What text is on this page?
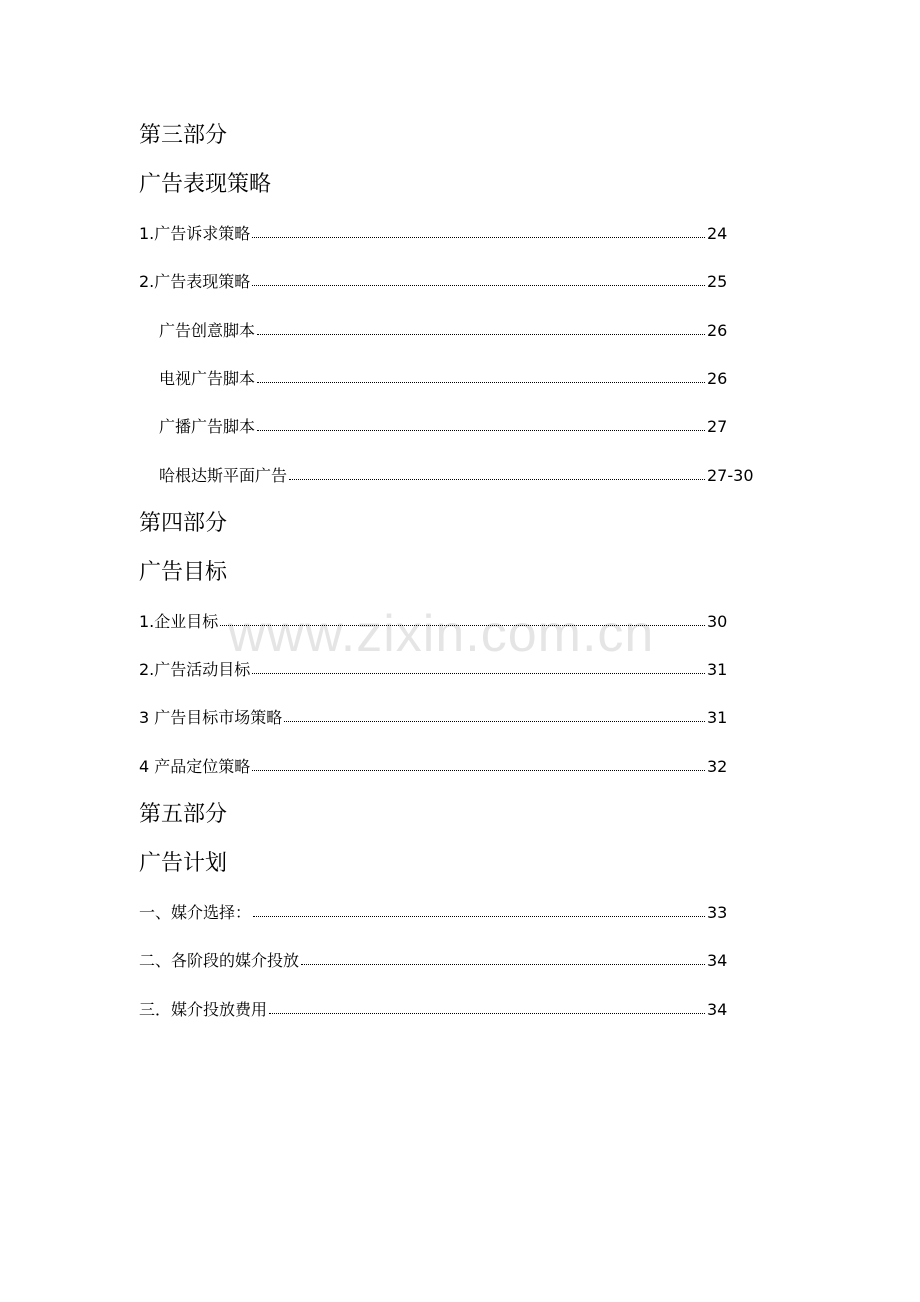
第三部分
广告表现策略
1.广告诉求策略	24
2.广告表现策略	25
广告创意脚本	26
电视广告脚本	26
广播广告脚本	27
哈根达斯平面广告	27-30
第四部分
广告目标
1.企业目标	30
2.广告活动目标	31
3 广告目标市场策略	31
4 产品定位策略	32
第五部分
广告计划
一、媒介选择：	33
二、各阶段的媒介投放	34
三．媒介投放费用	34
www.zixin.com.cn
